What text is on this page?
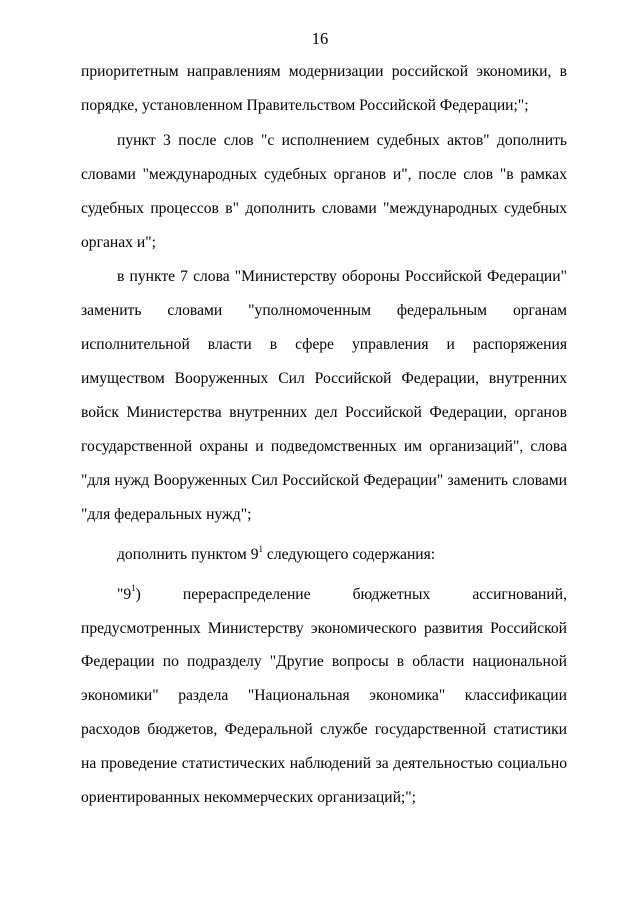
16

приоритетным направлениям модернизации российской экономики, в порядке, установленном Правительством Российской Федерации;";

пункт 3 после слов "с исполнением судебных актов" дополнить словами "международных судебных органов и", после слов "в рамках судебных процессов в" дополнить словами "международных судебных органах и";

в пункте 7 слова "Министерству обороны Российской Федерации" заменить словами "уполномоченным федеральным органам исполнительной власти в сфере управления и распоряжения имуществом Вооруженных Сил Российской Федерации, внутренних войск Министерства внутренних дел Российской Федерации, органов государственной охраны и подведомственных им организаций", слова "для нужд Вооруженных Сил Российской Федерации" заменить словами "для федеральных нужд";

дополнить пунктом $9^1$ следующего содержания:

"$9^1$) перераспределение бюджетных ассигнований, предусмотренных Министерству экономического развития Российской Федерации по подразделу "Другие вопросы в области национальной экономики" раздела "Национальная экономика" классификации расходов бюджетов, Федеральной службе государственной статистики на проведение статистических наблюдений за деятельностью социально ориентированных некоммерческих организаций;";
